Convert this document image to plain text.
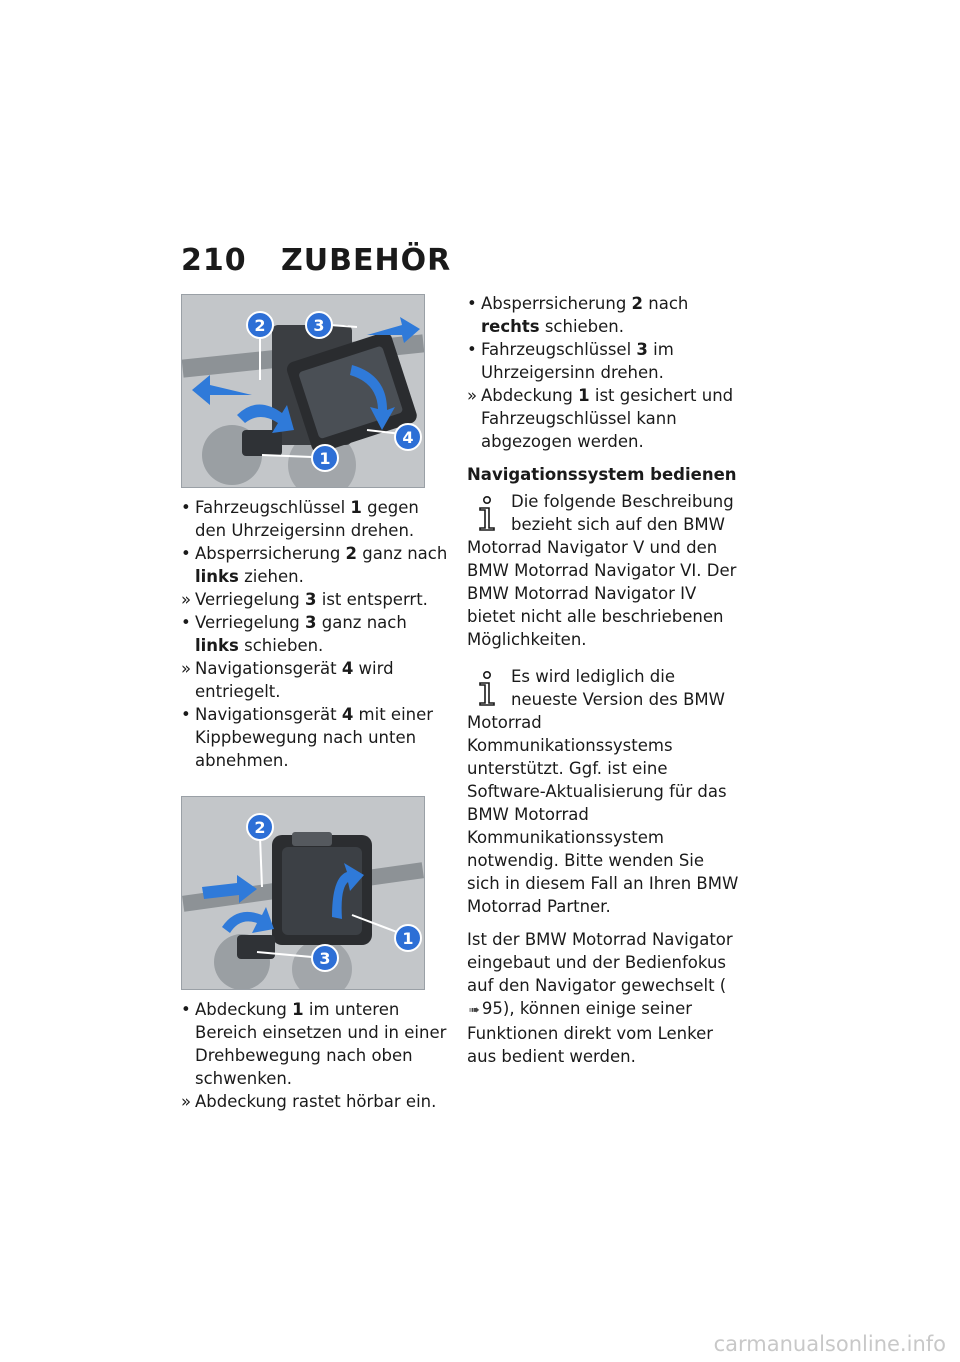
210	ZUBEHÖR
2	3
4
1
• Fahrzeugschlüssel 1 gegen den Uhrzeigersinn drehen.
• Absperrsicherung 2 ganz nach links ziehen.
» Verriegelung 3 ist entsperrt.
• Verriegelung 3 ganz nach links schieben.
» Navigationsgerät 4 wird entriegelt.
• Navigationsgerät 4 mit einer Kippbewegung nach unten abnehmen.
2
1
3
• Abdeckung 1 im unteren Bereich einsetzen und in einer Drehbewegung nach oben schwenken.
» Abdeckung rastet hörbar ein.
• Absperrsicherung 2 nach rechts schieben.
• Fahrzeugschlüssel 3 im Uhrzeigersinn drehen.
» Abdeckung 1 ist gesichert und Fahrzeugschlüssel kann abgezogen werden.
Navigationssystem bedienen

Die folgende Beschreibung bezieht sich auf den BMW Motorrad Navigator V und den BMW Motorrad Navigator VI. Der BMW Motorrad Navigator IV bietet nicht alle beschriebenen Möglichkeiten.

Es wird lediglich die neueste Version des BMW Motorrad Kommunikationssystems unterstützt. Ggf. ist eine Software-Aktualisierung für das BMW Motorrad Kommunikationssystem notwendig. Bitte wenden Sie sich in diesem Fall an Ihren BMW Motorrad Partner.

Ist der BMW Motorrad Navigator eingebaut und der Bedienfokus auf den Navigator gewechselt (➠ 95), können einige seiner Funktionen direkt vom Lenker aus bedient werden.

carmanualsonline.info
